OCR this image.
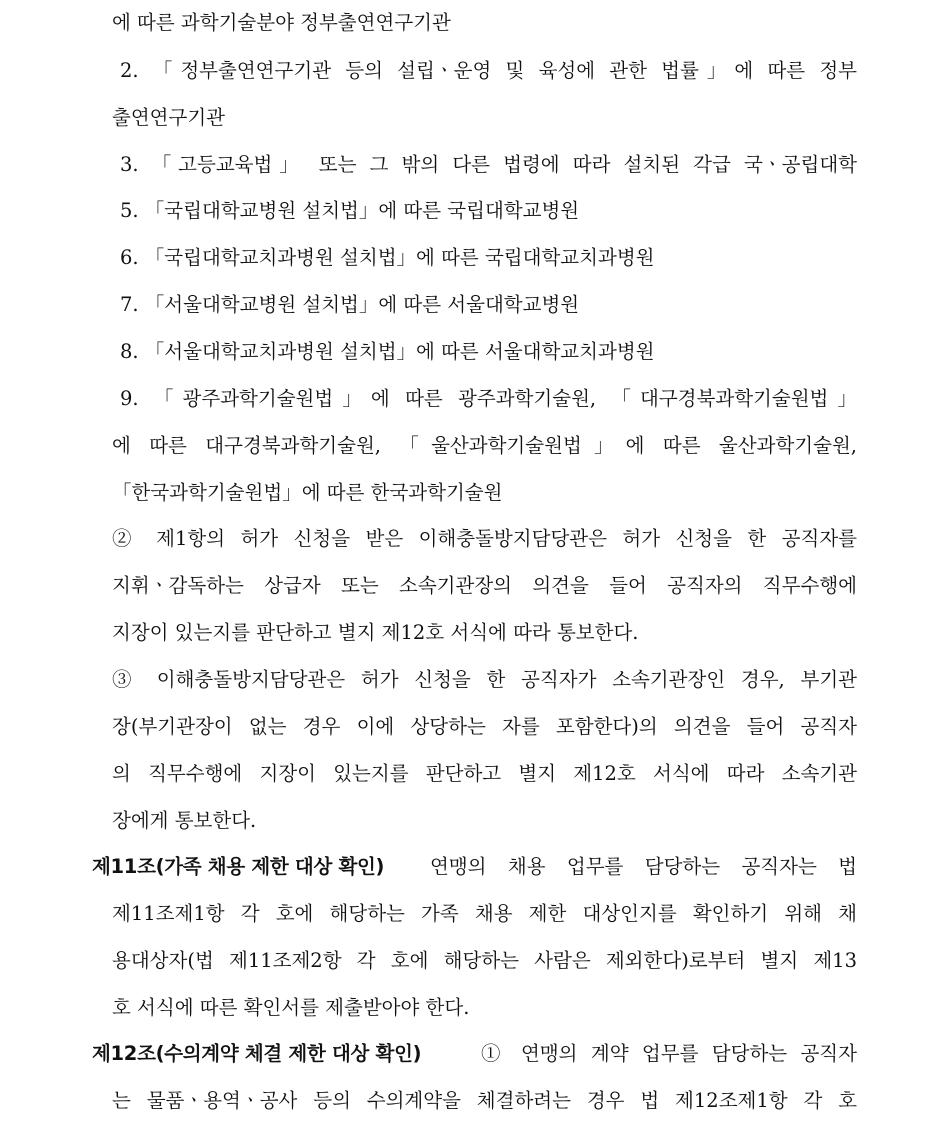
에 따른 과학기술분야 정부출연연구기관
2. 「정부출연연구기관 등의 설립ㆍ운영 및 육성에 관한 법률」에 따른 정부
출연연구기관
3. 「고등교육법」 또는 그 밖의 다른 법령에 따라 설치된 각급 국ㆍ공립대학
5. 「국립대학교병원 설치법」에 따른 국립대학교병원
6. 「국립대학교치과병원 설치법」에 따른 국립대학교치과병원
7. 「서울대학교병원 설치법」에 따른 서울대학교병원
8. 「서울대학교치과병원 설치법」에 따른 서울대학교치과병원
9. 「광주과학기술원법」에 따른 광주과학기술원, 「대구경북과학기술원법」
에 따른 대구경북과학기술원, 「울산과학기술원법」에 따른 울산과학기술원,
「한국과학기술원법」에 따른 한국과학기술원
② 제1항의 허가 신청을 받은 이해충돌방지담당관은 허가 신청을 한 공직자를
지휘ㆍ감독하는 상급자 또는 소속기관장의 의견을 들어 공직자의 직무수행에
지장이 있는지를 판단하고 별지 제12호 서식에 따라 통보한다.
③ 이해충돌방지담당관은 허가 신청을 한 공직자가 소속기관장인 경우, 부기관
장(부기관장이 없는 경우 이에 상당하는 자를 포함한다)의 의견을 들어 공직자
의 직무수행에 지장이 있는지를 판단하고 별지 제12호 서식에 따라 소속기관
장에게 통보한다.
제11조(가족 채용 제한 대상 확인) 연맹의 채용 업무를 담당하는 공직자는 법
제11조제1항 각 호에 해당하는 가족 채용 제한 대상인지를 확인하기 위해 채
용대상자(법 제11조제2항 각 호에 해당하는 사람은 제외한다)로부터 별지 제13
호 서식에 따른 확인서를 제출받아야 한다.
제12조(수의계약 체결 제한 대상 확인)	① 연맹의 계약 업무를 담당하는 공직자
는 물품ㆍ용역ㆍ공사 등의 수의계약을 체결하려는 경우 법 제12조제1항 각 호
